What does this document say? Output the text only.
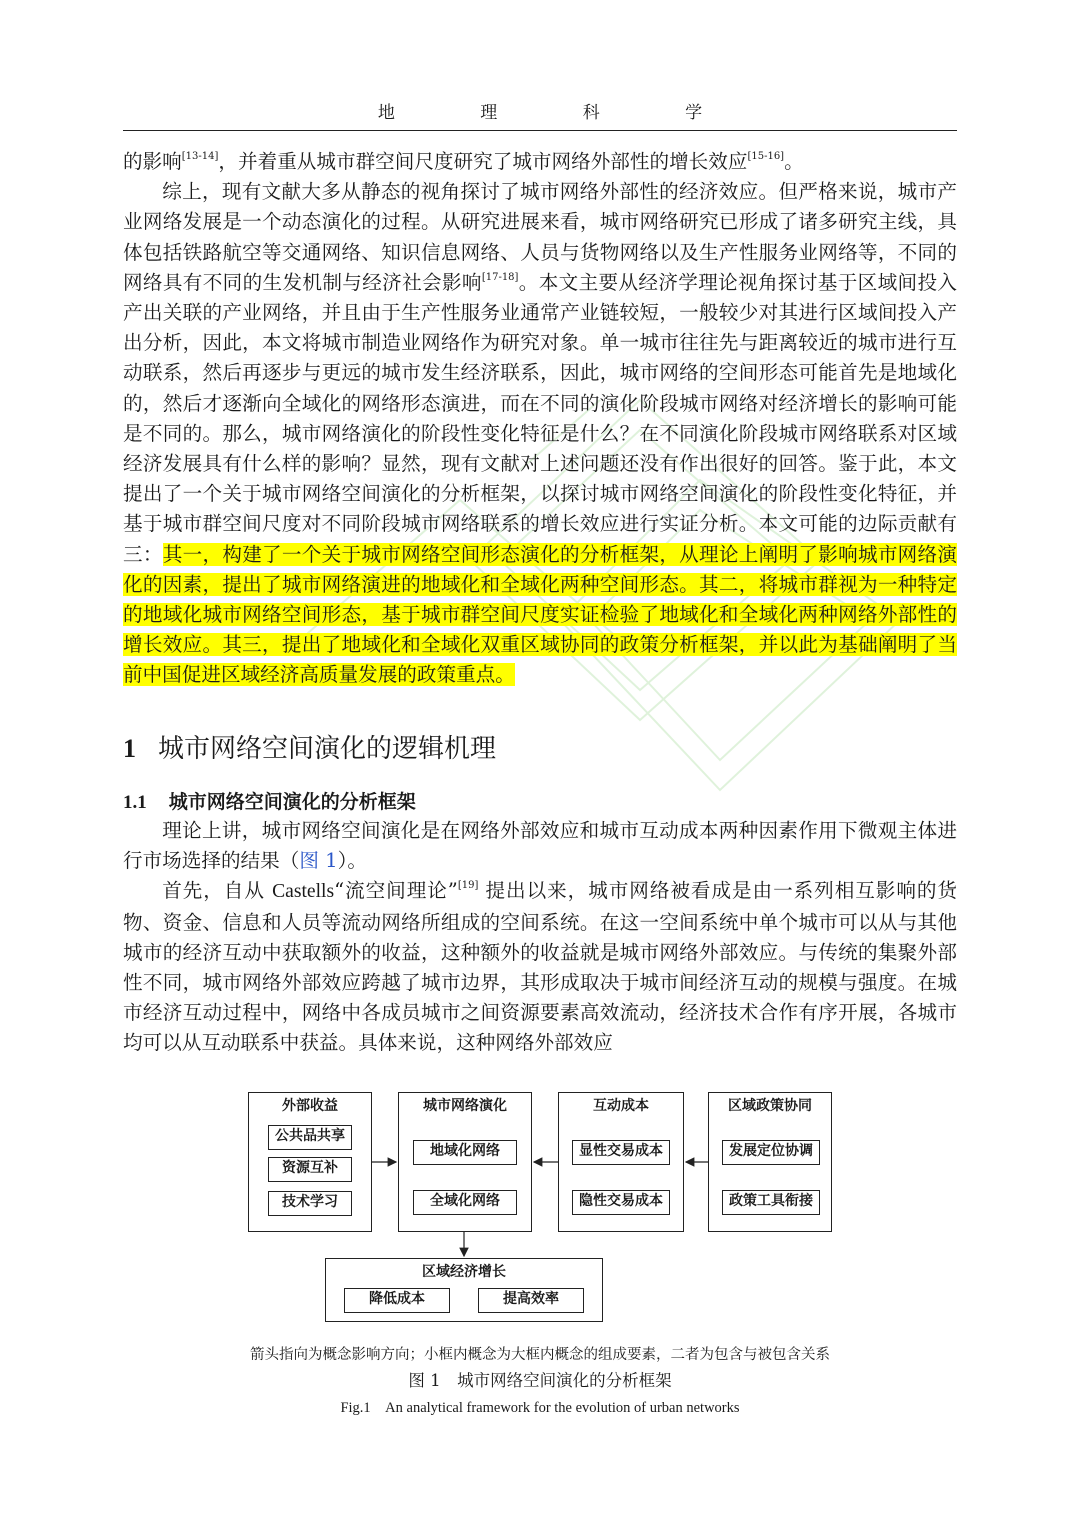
地 理 科 学

的影响[13-14]，并着重从城市群空间尺度研究了城市网络外部性的增长效应[15-16]。

综上，现有文献大多从静态的视角探讨了城市网络外部性的经济效应。但严格来说，城市产业网络发展是一个动态演化的过程。从研究进展来看，城市网络研究已形成了诸多研究主线，具体包括铁路航空等交通网络、知识信息网络、人员与货物网络以及生产性服务业网络等，不同的网络具有不同的生发机制与经济社会影响[17-18]。本文主要从经济学理论视角探讨基于区域间投入产出关联的产业网络，并且由于生产性服务业通常产业链较短，一般较少对其进行区域间投入产出分析，因此，本文将城市制造业网络作为研究对象。单一城市往往先与距离较近的城市进行互动联系，然后再逐步与更远的城市发生经济联系，因此，城市网络的空间形态可能首先是地域化的，然后才逐渐向全域化的网络形态演进，而在不同的演化阶段城市网络对经济增长的影响可能是不同的。那么，城市网络演化的阶段性变化特征是什么？在不同演化阶段城市网络联系对区域经济发展具有什么样的影响？显然，现有文献对上述问题还没有作出很好的回答。鉴于此，本文提出了一个关于城市网络空间演化的分析框架，以探讨城市网络空间演化的阶段性变化特征，并基于城市群空间尺度对不同阶段城市网络联系的增长效应进行实证分析。本文可能的边际贡献有三：其一，构建了一个关于城市网络空间形态演化的分析框架，从理论上阐明了影响城市网络演化的因素，提出了城市网络演进的地域化和全域化两种空间形态。其二，将城市群视为一种特定的地域化城市网络空间形态，基于城市群空间尺度实证检验了地域化和全域化两种网络外部性的增长效应。其三，提出了地域化和全域化双重区域协同的政策分析框架，并以此为基础阐明了当前中国促进区域经济高质量发展的政策重点。

1 城市网络空间演化的逻辑机理
1.1 城市网络空间演化的分析框架

理论上讲，城市网络空间演化是在网络外部效应和城市互动成本两种因素作用下微观主体进行市场选择的结果（图 1）。

首先，自从 Castells“流空间理论”[19] 提出以来，城市网络被看成是由一系列相互影响的货物、资金、信息和人员等流动网络所组成的空间系统。在这一空间系统中单个城市可以从与其他城市的经济互动中获取额外的收益，这种额外的收益就是城市网络外部效应。与传统的集聚外部性不同，城市网络外部效应跨越了城市边界，其形成取决于城市间经济互动的规模与强度。在城市经济互动过程中，网络中各成员城市之间资源要素高效流动，经济技术合作有序开展，各城市均可以从互动联系中获益。具体来说，这种网络外部效应

外部收益
公共品共享
资源互补
技术学习
城市网络演化
地域化网络
全域化网络
互动成本
显性交易成本
隐性交易成本
区域政策协同
发展定位协调
政策工具衔接
区域经济增长
降低成本	提高效率
箭头指向为概念影响方向；小框内概念为大框内概念的组成要素，二者为包含与被包含关系
图 1　城市网络空间演化的分析框架
Fig.1　An analytical framework for the evolution of urban networks
